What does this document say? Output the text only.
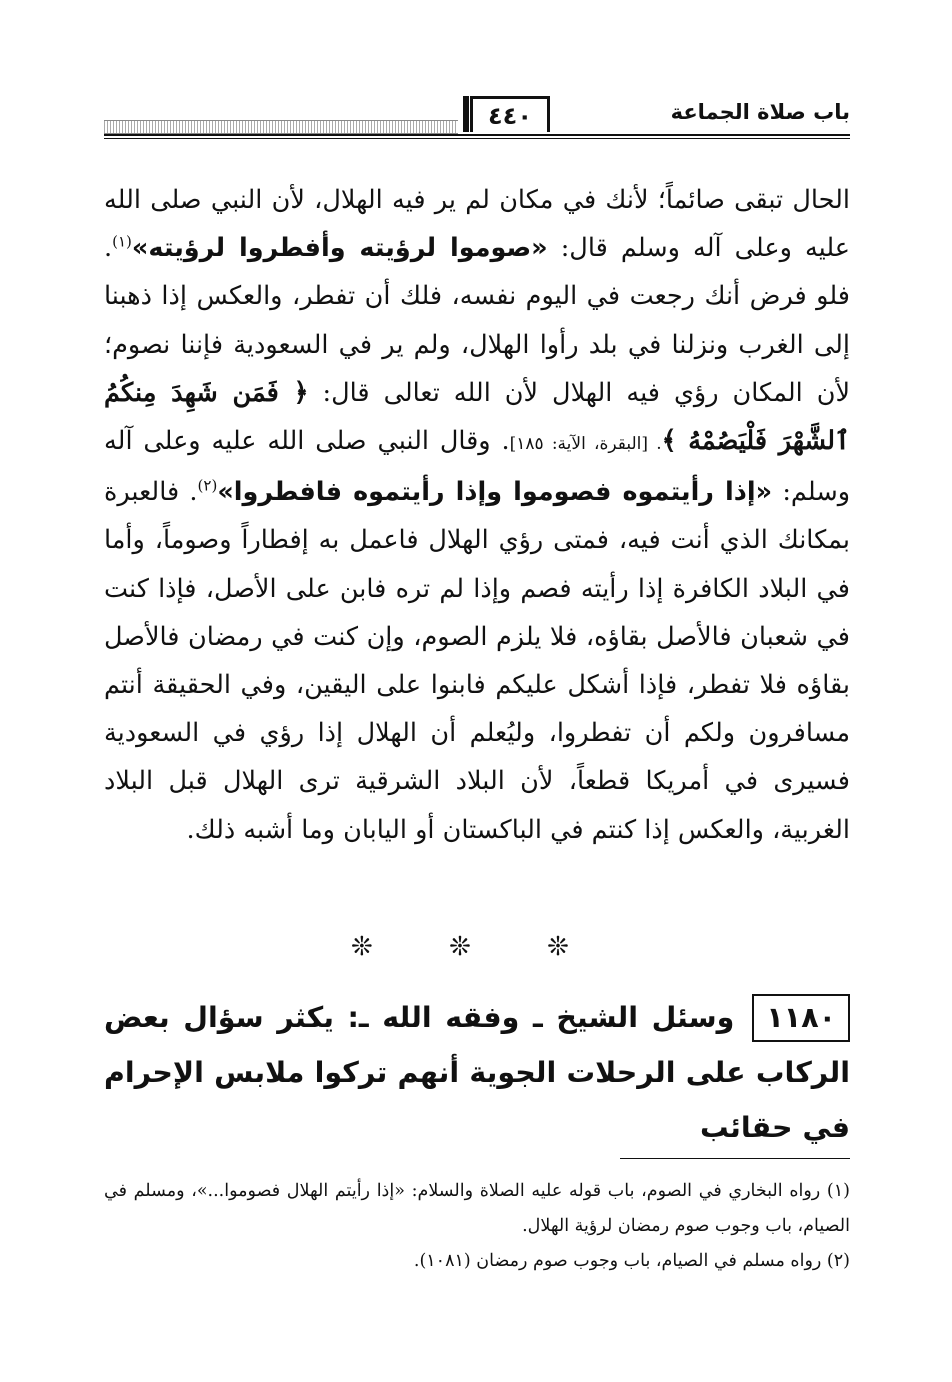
باب صلاة الجماعة
٤٤٠

الحال تبقى صائماً؛ لأنك في مكان لم ير فيه الهلال، لأن النبي صلى الله عليه وعلى آله وسلم قال: «صوموا لرؤيته وأفطروا لرؤيته»$^{(١)}$. فلو فرض أنك رجعت في اليوم نفسه، فلك أن تفطر، والعكس إذا ذهبنا إلى الغرب ونزلنا في بلد رأوا الهلال، ولم ير في السعودية فإننا نصوم؛ لأن المكان رؤي فيه الهلال لأن الله تعالى قال: ﴿ فَمَن شَهِدَ مِنكُمُ ٱلشَّهْرَ فَلْيَصُمْهُ ﴾. [البقرة، الآية: ١٨٥]. وقال النبي صلى الله عليه وعلى آله وسلم: «إذا رأيتموه فصوموا وإذا رأيتموه فافطروا»$^{(٢)}$. فالعبرة بمكانك الذي أنت فيه، فمتى رؤي الهلال فاعمل به إفطاراً وصوماً، وأما في البلاد الكافرة إذا رأيته فصم وإذا لم تره فابن على الأصل، فإذا كنت في شعبان فالأصل بقاؤه، فلا يلزم الصوم، وإن كنت في رمضان فالأصل بقاؤه فلا تفطر، فإذا أشكل عليكم فابنوا على اليقين، وفي الحقيقة أنتم مسافرون ولكم أن تفطروا، وليُعلم أن الهلال إذا رؤي في السعودية فسيرى في أمريكا قطعاً، لأن البلاد الشرقية ترى الهلال قبل البلاد الغربية، والعكس إذا كنتم في الباكستان أو اليابان وما أشبه ذلك.

❊ ❊ ❊
١١٨٠وسئل الشيخ ـ وفقه الله ـ: يكثر سؤال بعض الركاب على الرحلات الجوية أنهم تركوا ملابس الإحرام في حقائب

(١) رواه البخاري في الصوم، باب قوله عليه الصلاة والسلام: «إذا رأيتم الهلال فصوموا...»، ومسلم في الصيام، باب وجوب صوم رمضان لرؤية الهلال.

(٢) رواه مسلم في الصيام، باب وجوب صوم رمضان (١٠٨١).
